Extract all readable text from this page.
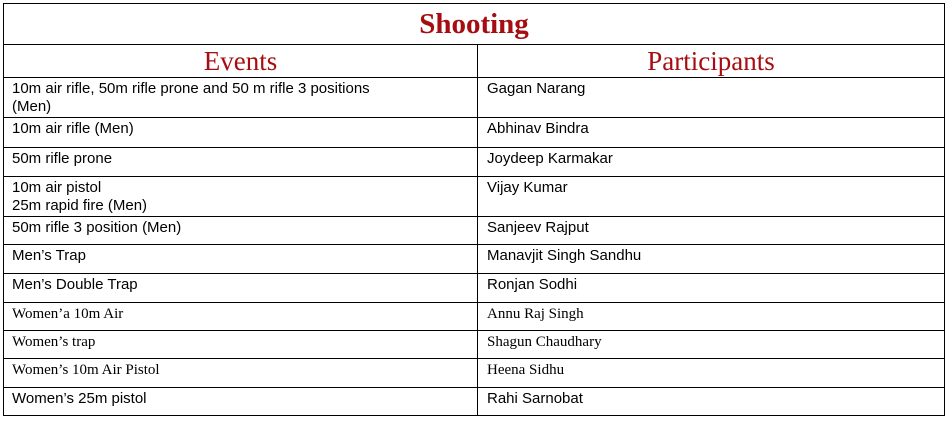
Shooting	
Events	Participants

10m air rifle, 50m rifle prone and 50 m rifle 3 positions
(Men)	Gagan Narang

10m air rifle (Men)	Abhinav Bindra

50m rifle prone	Joydeep Karmakar

10m air pistol
25m rapid fire (Men)	Vijay Kumar

50m rifle 3 position (Men)	Sanjeev Rajput

Men’s Trap	Manavjit Singh Sandhu

Men’s Double Trap	Ronjan Sodhi

Women’a 10m Air	Annu Raj Singh

Women’s trap	Shagun Chaudhary

Women’s 10m Air Pistol	Heena Sidhu

Women’s 25m pistol	Rahi Sarnobat
